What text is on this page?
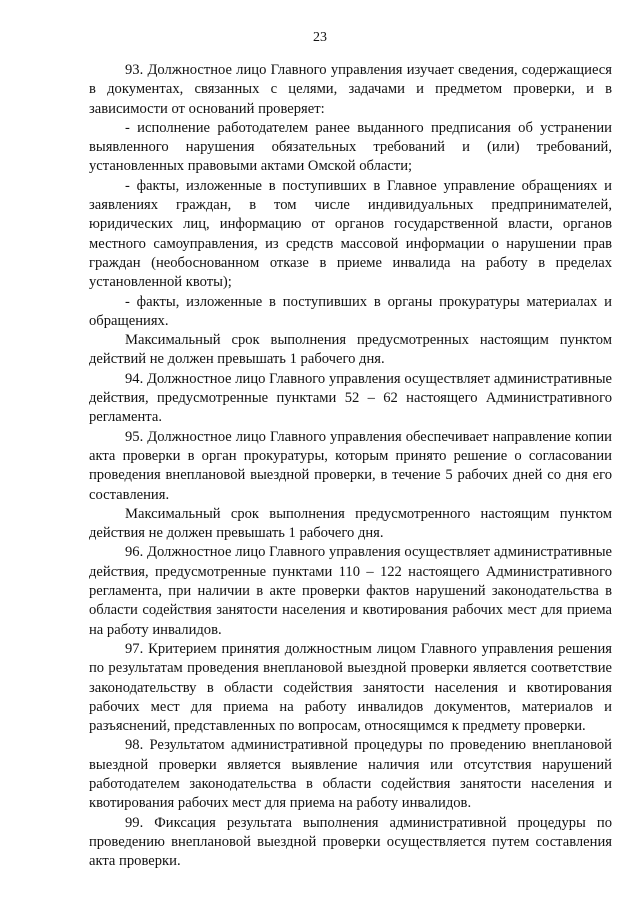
23

93. Должностное лицо Главного управления изучает сведения, содержащиеся в документах, связанных с целями, задачами и предметом проверки, и в зависимости от оснований проверяет:

- исполнение работодателем ранее выданного предписания об устранении выявленного нарушения обязательных требований и (или) требований, установленных правовыми актами Омской области;

- факты, изложенные в поступивших в Главное управление обращениях и заявлениях граждан, в том числе индивидуальных предпринимателей, юридических лиц, информацию от органов государственной власти, органов местного самоуправления, из средств массовой информации о нарушении прав граждан (необоснованном отказе в приеме инвалида на работу в пределах установленной квоты);

- факты, изложенные в поступивших в органы прокуратуры материалах и обращениях.

Максимальный срок выполнения предусмотренных настоящим пунктом действий не должен превышать 1 рабочего дня.

94. Должностное лицо Главного управления осуществляет административные действия, предусмотренные пунктами 52 – 62 настоящего Административного регламента.

95. Должностное лицо Главного управления обеспечивает направление копии акта проверки в орган прокуратуры, которым принято решение о согласовании проведения внеплановой выездной проверки, в течение 5 рабочих дней со дня его составления.

Максимальный срок выполнения предусмотренного настоящим пунктом действия не должен превышать 1 рабочего дня.

96. Должностное лицо Главного управления осуществляет административные действия, предусмотренные пунктами 110 – 122 настоящего Административного регламента, при наличии в акте проверки фактов нарушений законодательства в области содействия занятости населения и квотирования рабочих мест для приема на работу инвалидов.

97. Критерием принятия должностным лицом Главного управления решения по результатам проведения внеплановой выездной проверки является соответствие законодательству в области содействия занятости населения и квотирования рабочих мест для приема на работу инвалидов документов, материалов и разъяснений, представленных по вопросам, относящимся к предмету проверки.

98. Результатом административной процедуры по проведению внеплановой выездной проверки является выявление наличия или отсутствия нарушений работодателем законодательства в области содействия занятости населения и квотирования рабочих мест для приема на работу инвалидов.

99. Фиксация результата выполнения административной процедуры по проведению внеплановой выездной проверки осуществляется путем составления акта проверки.
